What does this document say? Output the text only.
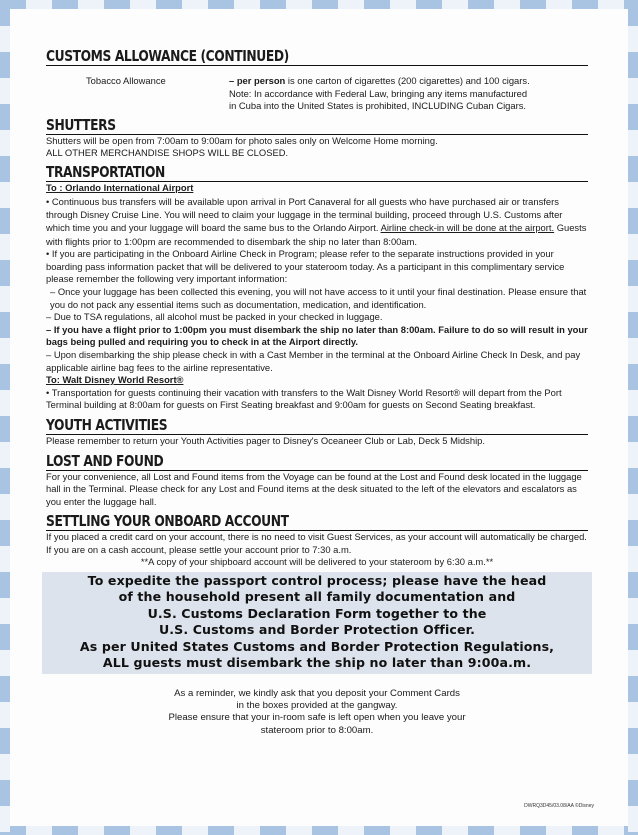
CUSTOMS ALLOWANCE (CONTINUED)
Tobacco Allowance	– per person is one carton of cigarettes (200 cigarettes) and 100 cigars.
Note: In accordance with Federal Law, bringing any items manufactured
in Cuba into the United States is prohibited, INCLUDING Cuban Cigars.
SHUTTERS

Shutters will be open from 7:00am to 9:00am for photo sales only on Welcome Home morning.

ALL OTHER MERCHANDISE SHOPS WILL BE CLOSED.

TRANSPORTATION

To : Orlando International Airport

• Continuous bus transfers will be available upon arrival in Port Canaveral for all guests who have purchased air or transfers through Disney Cruise Line. You will need to claim your luggage in the terminal building, proceed through U.S. Customs after which time you and your luggage will board the same bus to the Orlando Airport. Airline check-in will be done at the airport. Guests with flights prior to 1:00pm are recommended to disembark the ship no later than 8:00am.

• If you are participating in the Onboard Airline Check in Program; please refer to the separate instructions provided in your boarding pass information packet that will be delivered to your stateroom today. As a participant in this complimentary service please remember the following very important information:

– Once your luggage has been collected this evening, you will not have access to it until your final destination. Please ensure that you do not pack any essential items such as documentation, medication, and identification.

– Due to TSA regulations, all alcohol must be packed in your checked in luggage.

– If you have a flight prior to 1:00pm you must disembark the ship no later than 8:00am. Failure to do so will result in your bags being pulled and requiring you to check in at the Airport directly.

– Upon disembarking the ship please check in with a Cast Member in the terminal at the Onboard Airline Check In Desk, and pay applicable airline bag fees to the airline representative.

To: Walt Disney World Resort®

• Transportation for guests continuing their vacation with transfers to the Walt Disney World Resort® will depart from the Port Terminal building at 8:00am for guests on First Seating breakfast and 9:00am for guests on Second Seating breakfast.

YOUTH ACTIVITIES

Please remember to return your Youth Activities pager to Disney's Oceaneer Club or Lab, Deck 5 Midship.

LOST AND FOUND

For your convenience, all Lost and Found items from the Voyage can be found at the Lost and Found desk located in the luggage hall in the Terminal. Please check for any Lost and Found items at the desk situated to the left of the elevators and escalators as you enter the luggage hall.

SETTLING YOUR ONBOARD ACCOUNT

If you placed a credit card on your account, there is no need to visit Guest Services, as your account will automatically be charged. If you are on a cash account, please settle your account prior to 7:30 a.m.

**A copy of your shipboard account will be delivered to your stateroom by 6:30 a.m.**

To expedite the passport control process; please have the head
of the household present all family documentation and
U.S. Customs Declaration Form together to the
U.S. Customs and Border Protection Officer.
As per United States Customs and Border Protection Regulations,
ALL guests must disembark the ship no later than 9:00a.m.
As a reminder, we kindly ask that you deposit your Comment Cards
in the boxes provided at the gangway.
Please ensure that your in-room safe is left open when you leave your
stateroom prior to 8:00am.
DWRQ3D45/03.08/AA ©Disney
